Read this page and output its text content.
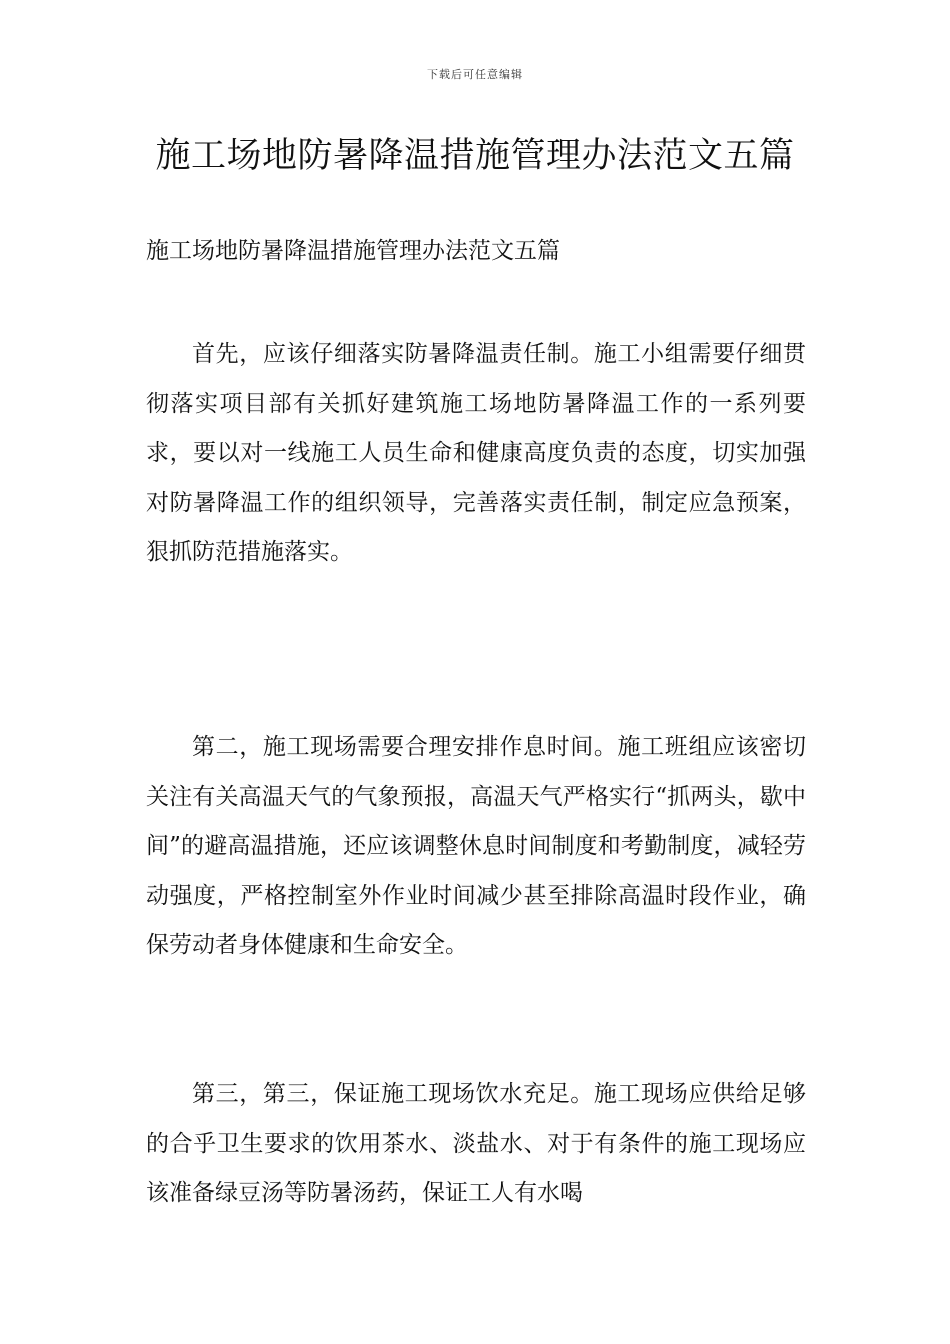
下载后可任意编辑
施工场地防暑降温措施管理办法范文五篇

施工场地防暑降温措施管理办法范文五篇

首先，应该仔细落实防暑降温责任制。施工小组需要仔细贯彻落实项目部有关抓好建筑施工场地防暑降温工作的一系列要求，要以对一线施工人员生命和健康高度负责的态度，切实加强对防暑降温工作的组织领导，完善落实责任制，制定应急预案，狠抓防范措施落实。

第二，施工现场需要合理安排作息时间。施工班组应该密切关注有关高温天气的气象预报，高温天气严格实行“抓两头，歇中间”的避高温措施，还应该调整休息时间制度和考勤制度，减轻劳动强度，严格控制室外作业时间减少甚至排除高温时段作业，确保劳动者身体健康和生命安全。

第三，第三，保证施工现场饮水充足。施工现场应供给足够的合乎卫生要求的饮用茶水、淡盐水、对于有条件的施工现场应该准备绿豆汤等防暑汤药，保证工人有水喝
